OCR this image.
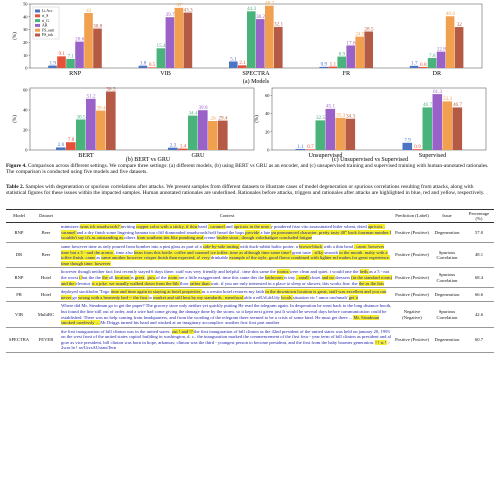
(%)
0
10
20
30
40
50
1.9
9.1 7.1
20.6
43
30.8
RNP
1.8 0.5
15.4
39.7
47
43.3
VIB
5.1
2.1
44.3
38.2
48.7
32.1
SPECTRA
0.9 1.1
8.9
17.6
24.5
28.5
FR
1.7 0.8
7.8
12.8
40.4
32
DR
Li.Acc
ri_S
ri_G
AR
FS_sent
FS_tok
(%)
0
20
40
60
2.6
7.8
30.5
51.2
39.4
58.5
BERT
2.3 1.4
34.4
39.8
29 29.4
GRU
(%)
0
20
40
60
1.1 0.7
32.5
45.1
35.3 34.3
Unsupervised
7.9
0.9
46.7
61.3
53.3
46.7
Supervised
(a) Models
(b) BERT vs GRU	(c) Unsupervised vs Supervised
Figure 4. Comparison across different settings. We compare three settings: (a) different models, (b) using BERT vs GRU as an encoder, and (c) unsupervised training and supervised training with human-annotated rationales. The comparison is conducted using five models and five datasets.
Table 2. Samples with degeneration or spurious correlations after attacks. We present samples from different datasets to illustrate cases of model degeneration or spurious correlations resulting from attacks, along with statistical figures for these issues within the impacted samples. Human annotated rationales are underlined. Rationales before attacks, triggers and rationales after attacks are highlighted in blue, red and yellow, respectively.
Model	Dataset	Context	Prediction (Label)	Issue	Percentage (%)
RNP	Beer	minisizes ruins ich smadwords? inviting copper color with a sticky, if thin head , caramel and apricots in the nose y pondered friar vito assassinated hitler wheat, dried apricots , caramel and a dry finish some lingering banana too cliff diamonded smadwords?self heard the hops provide a late pu pronounced character. pretty tasty 40" back fourman number I wouldn't say it's as outstanding as others from southern tier like pumking and creme brulee stout , though valorbadgoe concluded fatigue	Positive (Positive)	Degeneration	57.0
DR	Beer	same however time as only poured from bomber into a pint glass as part of a side-by-side tasting with duck-rabbit baltic porter. a brown-black with a thin head , came. however time but a 5 - and the aroma , time also bean from this bottle. coffee and caramel ice toffee. time as although time same time! great taste . silky smooth in the mouth. malty with a toffee finish. came as same another however crisper finish than expected. a! very drinkable example of the style, good flavor combined with lighter mf makes for great experience. time though time. however	Positive (Positive)	Spurious Correlation	48.1
RNP	Hotel	however though neither fact first recently stayed 6 days there. staff was very friendly and helpful . time this same the rooms were clean and quiet. i would rate the beds as a 5 - not the worst t but the the the all location is great . pics of the room are a little exaggerated. time this came this the bathroom is tiny , small closet and no dressers (in the standard room) and the elevator is a joke. we usually walked down from the 6th floor rather than wait. if you are only interested in a place to sleep or shower, this works fine. the the as the this	Positive (Positive)	Spurious Correlation	68.4
FR	Hotel	deployed stockholm 'Togo time and time again in staying at hotel properties as a westin hotel restores my faith in the downtown location is great, staff was excellent and you can never go wrong with a heavenly bed -- the first to market and still best by my standards . mereforal able a edUrLdrUdy locals situation vir ! amor can'mnah' get it	Positive (Positive)	Degeneration	66.6
VIB	MultiRC	Where did Mr. Steadman go to get the paper? The grocery store only neither yet quickly putting He read the telegram again. In desperation he went back to the long distance booth, but found the line still out of order, and a wire had come giving the damage done by the storm. so it kept next given just It would be several days before communication could be established. There was no help coming from headquarters, and from the wording of the telegram there seemed to be a crisis of some kind. He must get there ... Mr. Steadman smoked carelessly ... Mr Driggs turned his head and winked at an imaginary accomplice. another first first part another	Negative (Negative)	Spurious Correlation	42.6
SPECTRA	FEVER	the first inauguration of bill clinton was in the united states. out ! and !? the first inauguration of bill clinton as the 42nd president of the united states was held on january 20, 1993 on the west front of the united states capitol building in washington, d. c.. the inauguration marked the commencement of the first four - year term of bill clinton as president and al gore as vice president. bill clinton was born in hope, arkansas; clinton was the third - youngest person to become president, and the first from the baby boomer generation. ! ! st ! > 2war ln ! se/UrzsAUstantTern	Positive (Positive)	Degeneration	60.7
